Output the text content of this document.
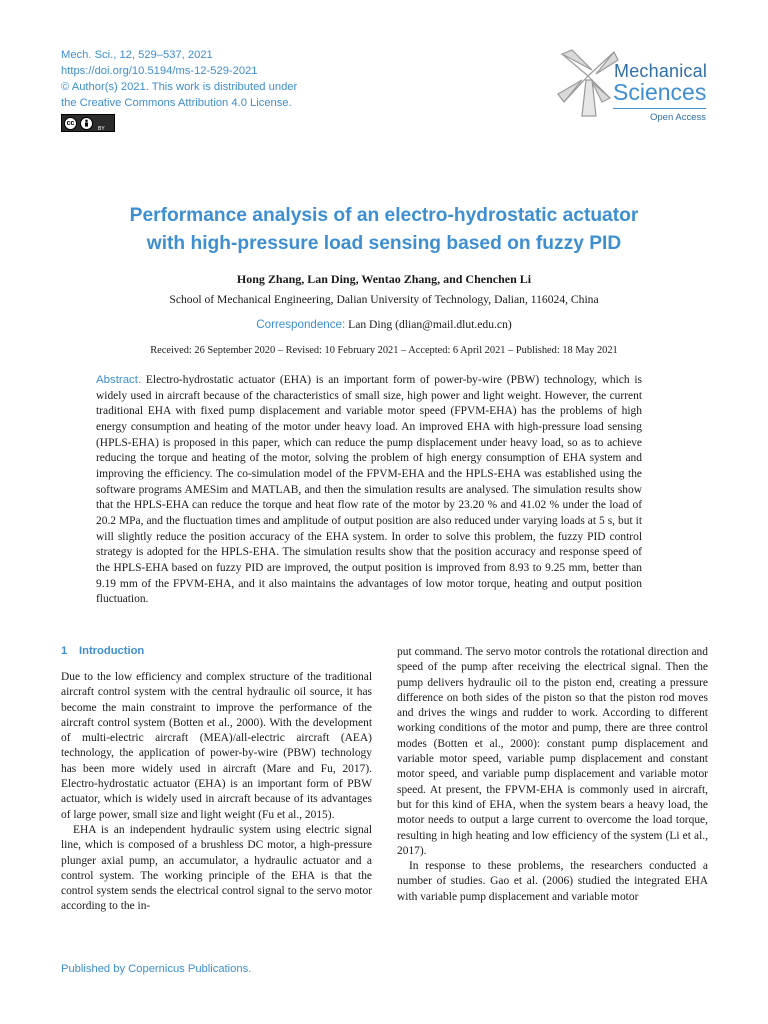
Mech. Sci., 12, 529–537, 2021
https://doi.org/10.5194/ms-12-529-2021
© Author(s) 2021. This work is distributed under
the Creative Commons Attribution 4.0 License.
cc
BY
Mechanical
Sciences
Open Access
Performance analysis of an electro-hydrostatic actuator
with high-pressure load sensing based on fuzzy PID

Hong Zhang, Lan Ding, Wentao Zhang, and Chenchen Li

School of Mechanical Engineering, Dalian University of Technology, Dalian, 116024, China

Correspondence: Lan Ding (dlian@mail.dlut.edu.cn)

Received: 26 September 2020 – Revised: 10 February 2021 – Accepted: 6 April 2021 – Published: 18 May 2021

Abstract. Electro-hydrostatic actuator (EHA) is an important form of power-by-wire (PBW) technology, which is widely used in aircraft because of the characteristics of small size, high power and light weight. However, the current traditional EHA with fixed pump displacement and variable motor speed (FPVM-EHA) has the problems of high energy consumption and heating of the motor under heavy load. An improved EHA with high-pressure load sensing (HPLS-EHA) is proposed in this paper, which can reduce the pump displacement under heavy load, so as to achieve reducing the torque and heating of the motor, solving the problem of high energy consumption of EHA system and improving the efficiency. The co-simulation model of the FPVM-EHA and the HPLS-EHA was established using the software programs AMESim and MATLAB, and then the simulation results are analysed. The simulation results show that the HPLS-EHA can reduce the torque and heat flow rate of the motor by 23.20 % and 41.02 % under the load of 20.2 MPa, and the fluctuation times and amplitude of output position are also reduced under varying loads at 5 s, but it will slightly reduce the position accuracy of the EHA system. In order to solve this problem, the fuzzy PID control strategy is adopted for the HPLS-EHA. The simulation results show that the position accuracy and response speed of the HPLS-EHA based on fuzzy PID are improved, the output position is improved from 8.93 to 9.25 mm, better than 9.19 mm of the FPVM-EHA, and it also maintains the advantages of low motor torque, heating and output position fluctuation.

1 Introduction

Due to the low efficiency and complex structure of the traditional aircraft control system with the central hydraulic oil source, it has become the main constraint to improve the performance of the aircraft control system (Botten et al., 2000). With the development of multi-electric aircraft (MEA)/all-electric aircraft (AEA) technology, the application of power-by-wire (PBW) technology has been more widely used in aircraft (Mare and Fu, 2017). Electro-hydrostatic actuator (EHA) is an important form of PBW actuator, which is widely used in aircraft because of its advantages of large power, small size and light weight (Fu et al., 2015).

EHA is an independent hydraulic system using electric signal line, which is composed of a brushless DC motor, a high-pressure plunger axial pump, an accumulator, a hydraulic actuator and a control system. The working principle of the EHA is that the control system sends the electrical control signal to the servo motor according to the in-

put command. The servo motor controls the rotational direction and speed of the pump after receiving the electrical signal. Then the pump delivers hydraulic oil to the piston end, creating a pressure difference on both sides of the piston so that the piston rod moves and drives the wings and rudder to work. According to different working conditions of the motor and pump, there are three control modes (Botten et al., 2000): constant pump displacement and variable motor speed, variable pump displacement and constant motor speed, and variable pump displacement and variable motor speed. At present, the FPVM-EHA is commonly used in aircraft, but for this kind of EHA, when the system bears a heavy load, the motor needs to output a large current to overcome the load torque, resulting in high heating and low efficiency of the system (Li et al., 2017).

In response to these problems, the researchers conducted a number of studies. Gao et al. (2006) studied the integrated EHA with variable pump displacement and variable motor

Published by Copernicus Publications.
